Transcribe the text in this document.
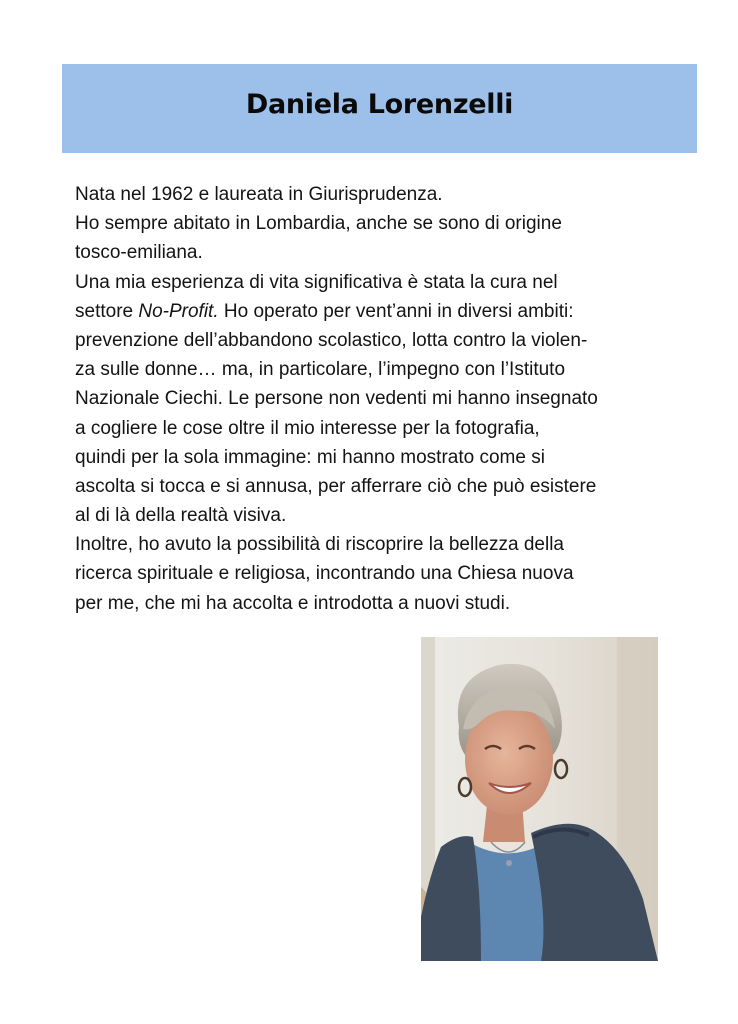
Daniela Lorenzelli
Nata nel 1962 e laureata in Giurisprudenza.
Ho sempre abitato in Lombardia, anche se sono di origine
tosco-emiliana.
Una mia esperienza di vita significativa è stata la cura nel
settore No-Profit. Ho operato per vent’anni in diversi ambiti:
prevenzione dell’abbandono scolastico, lotta contro la violen-
za sulle donne… ma, in particolare, l’impegno con l’Istituto
Nazionale Ciechi. Le persone non vedenti mi hanno insegnato
a cogliere le cose oltre il mio interesse per la fotografia,
quindi per la sola immagine: mi hanno mostrato come si
ascolta si tocca e si annusa, per afferrare ciò che può esistere
al di là della realtà visiva.
Inoltre, ho avuto la possibilità di riscoprire la bellezza della
ricerca spirituale e religiosa, incontrando una Chiesa nuova
per me, che mi ha accolta e introdotta a nuovi studi.
